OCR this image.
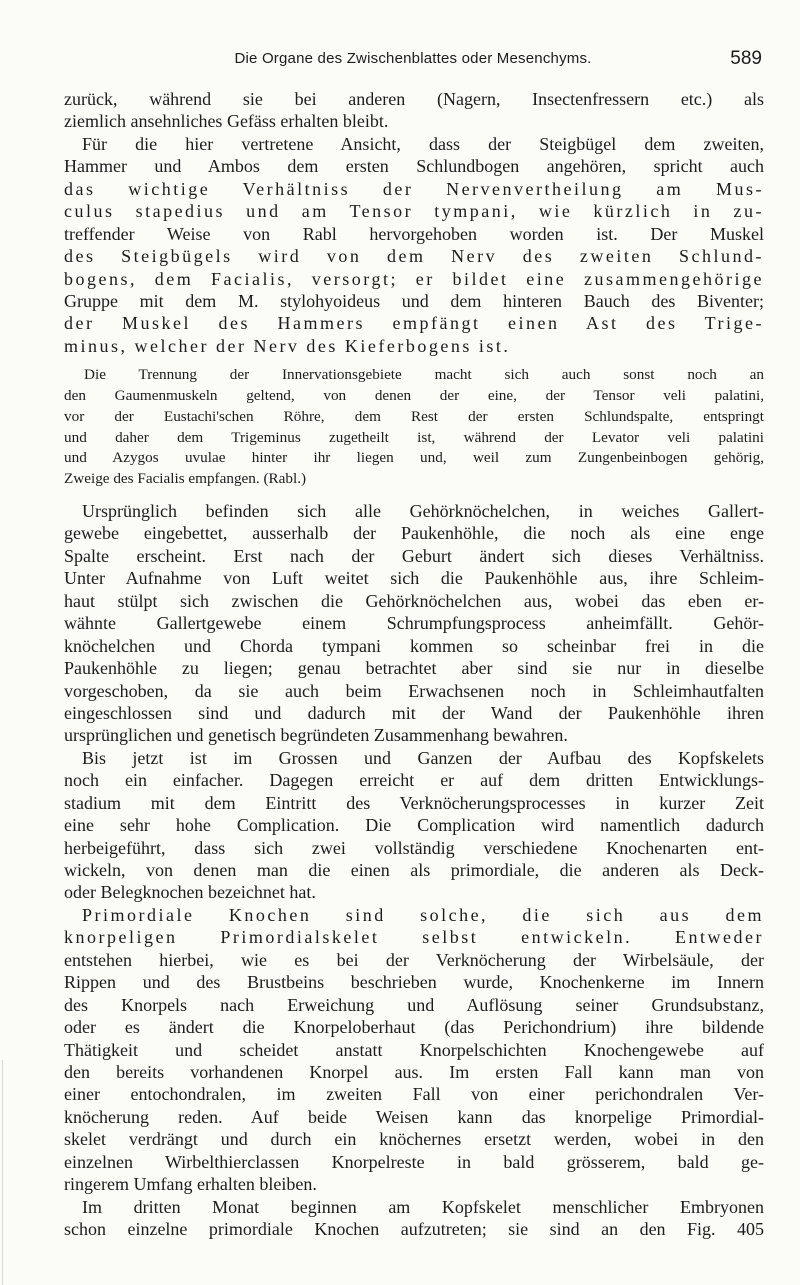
Die Organe des Zwischenblattes oder Mesenchyms.	589
zurück, während sie bei anderen (Nagern, Insectenfressern etc.) als
ziemlich ansehnliches Gefäss erhalten bleibt.
Für die hier vertretene Ansicht, dass der Steigbügel dem zweiten,
Hammer und Ambos dem ersten Schlundbogen angehören, spricht auch
das wichtige Verhältniss der Nervenvertheilung am Mus-
culus stapedius und am Tensor tympani, wie kürzlich in zu-
treffender Weise von Rabl hervorgehoben worden ist. Der Muskel
des Steigbügels wird von dem Nerv des zweiten Schlund-
bogens, dem Facialis, versorgt; er bildet eine zusammengehörige
Gruppe mit dem M. stylohyoideus und dem hinteren Bauch des Biventer;
der Muskel des Hammers empfängt einen Ast des Trige-
minus, welcher der Nerv des Kieferbogens ist.
Die Trennung der Innervationsgebiete macht sich auch sonst noch an
den Gaumenmuskeln geltend, von denen der eine, der Tensor veli palatini,
vor der Eustachi'schen Röhre, dem Rest der ersten Schlundspalte, entspringt
und daher dem Trigeminus zugetheilt ist, während der Levator veli palatini
und Azygos uvulae hinter ihr liegen und, weil zum Zungenbeinbogen gehörig,
Zweige des Facialis empfangen. (Rabl.)
Ursprünglich befinden sich alle Gehörknöchelchen, in weiches Gallert-
gewebe eingebettet, ausserhalb der Paukenhöhle, die noch als eine enge
Spalte erscheint. Erst nach der Geburt ändert sich dieses Verhältniss.
Unter Aufnahme von Luft weitet sich die Paukenhöhle aus, ihre Schleim-
haut stülpt sich zwischen die Gehörknöchelchen aus, wobei das eben er-
wähnte Gallertgewebe einem Schrumpfungsprocess anheimfällt. Gehör-
knöchelchen und Chorda tympani kommen so scheinbar frei in die
Paukenhöhle zu liegen; genau betrachtet aber sind sie nur in dieselbe
vorgeschoben, da sie auch beim Erwachsenen noch in Schleimhautfalten
eingeschlossen sind und dadurch mit der Wand der Paukenhöhle ihren
ursprünglichen und genetisch begründeten Zusammenhang bewahren.
Bis jetzt ist im Grossen und Ganzen der Aufbau des Kopfskelets
noch ein einfacher. Dagegen erreicht er auf dem dritten Entwicklungs-
stadium mit dem Eintritt des Verknöcherungsprocesses in kurzer Zeit
eine sehr hohe Complication. Die Complication wird namentlich dadurch
herbeigeführt, dass sich zwei vollständig verschiedene Knochenarten ent-
wickeln, von denen man die einen als primordiale, die anderen als Deck-
oder Belegknochen bezeichnet hat.
Primordiale Knochen sind solche, die sich aus dem
knorpeligen Primordialskelet selbst entwickeln. Entweder
entstehen hierbei, wie es bei der Verknöcherung der Wirbelsäule, der
Rippen und des Brustbeins beschrieben wurde, Knochenkerne im Innern
des Knorpels nach Erweichung und Auflösung seiner Grundsubstanz,
oder es ändert die Knorpeloberhaut (das Perichondrium) ihre bildende
Thätigkeit und scheidet anstatt Knorpelschichten Knochengewebe auf
den bereits vorhandenen Knorpel aus. Im ersten Fall kann man von
einer entochondralen, im zweiten Fall von einer perichondralen Ver-
knöcherung reden. Auf beide Weisen kann das knorpelige Primordial-
skelet verdrängt und durch ein knöchernes ersetzt werden, wobei in den
einzelnen Wirbelthierclassen Knorpelreste in bald grösserem, bald ge-
ringerem Umfang erhalten bleiben.
Im dritten Monat beginnen am Kopfskelet menschlicher Embryonen
schon einzelne primordiale Knochen aufzutreten; sie sind an den Fig. 405
